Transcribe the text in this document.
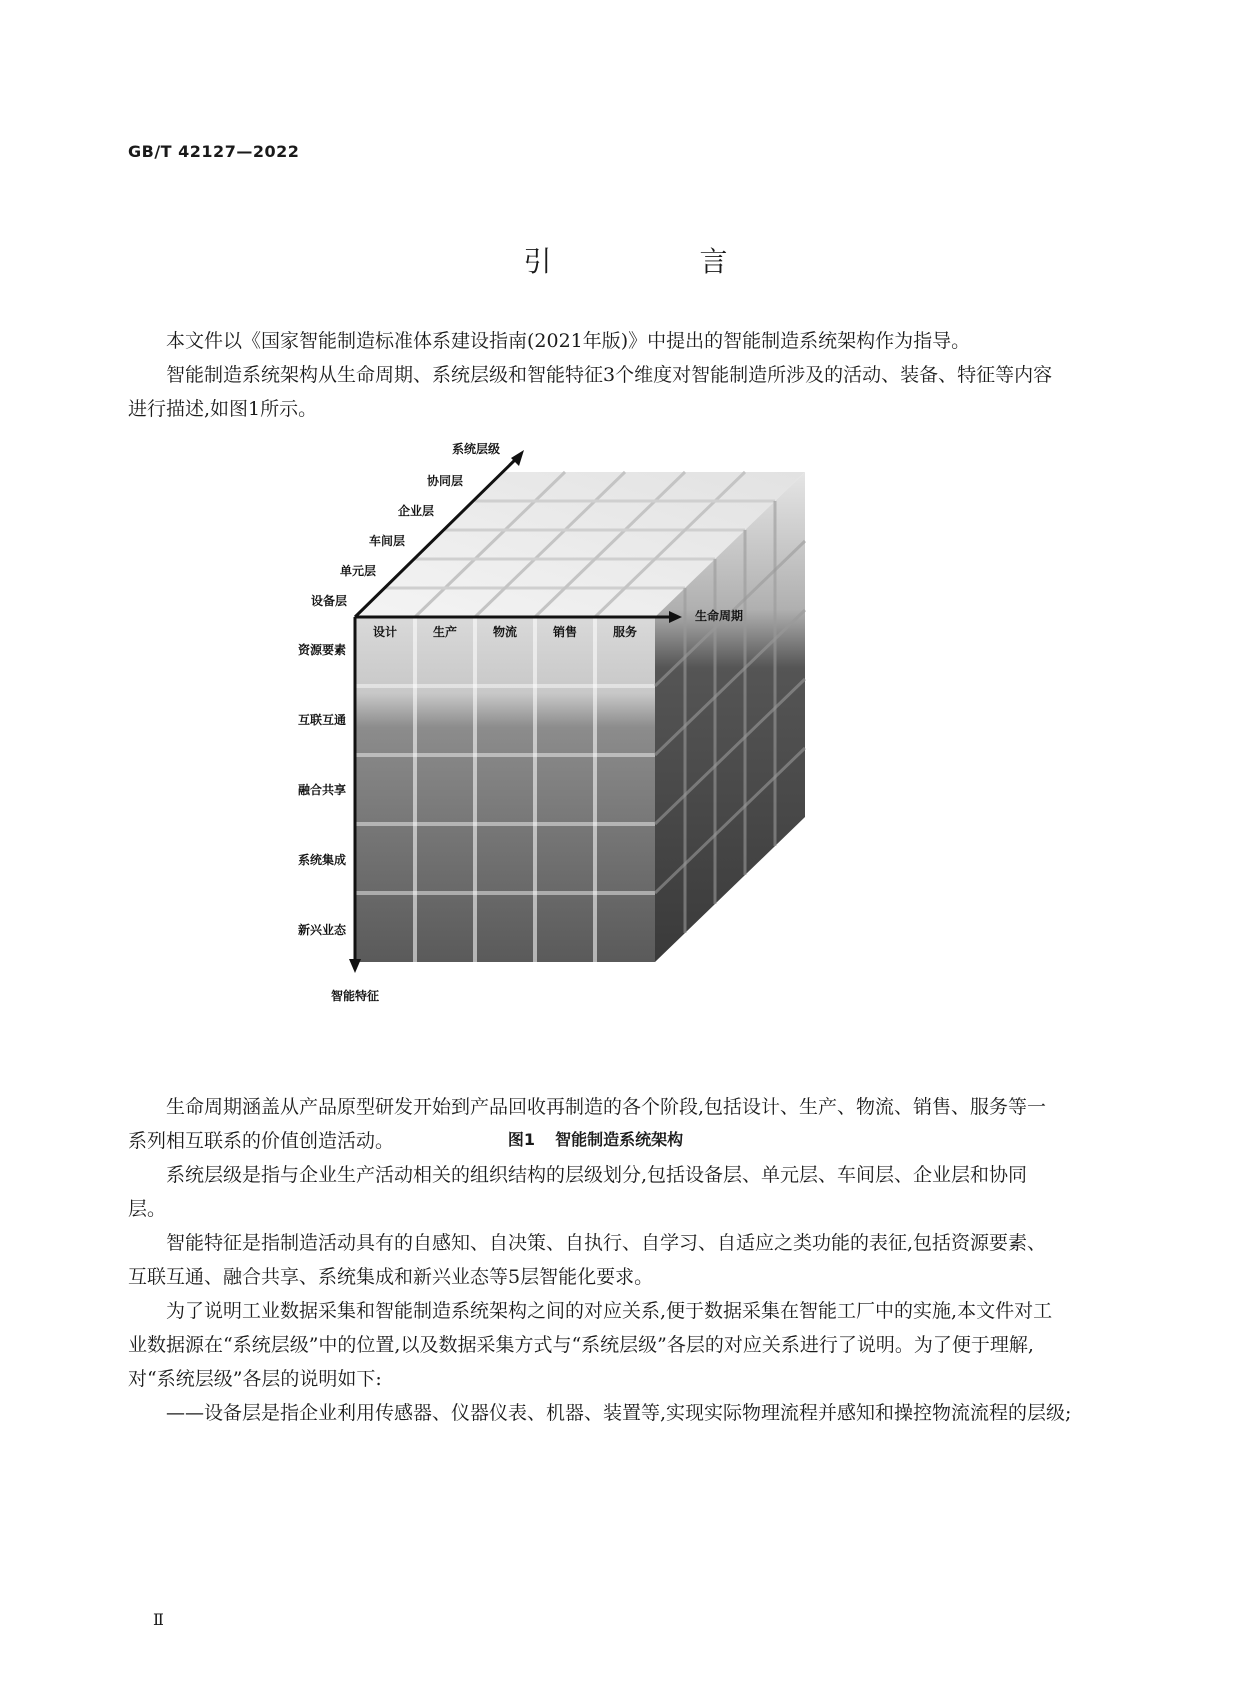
GB/T 42127—2022
引　言

本文件以《国家智能制造标准体系建设指南(2021年版)》中提出的智能制造系统架构作为指导。

智能制造系统架构从生命周期、系统层级和智能特征3个维度对智能制造所涉及的活动、装备、特征等内容进行描述,如图1所示。

系统层级
设备层
单元层
车间层
企业层
协同层
设计	生产	物流	销售	服务
生命周期
资源要素
互联互通
融合共享
系统集成
新兴业态
智能特征
图1 智能制造系统架构

生命周期涵盖从产品原型研发开始到产品回收再制造的各个阶段,包括设计、生产、物流、销售、服务等一系列相互联系的价值创造活动。

系统层级是指与企业生产活动相关的组织结构的层级划分,包括设备层、单元层、车间层、企业层和协同层。

智能特征是指制造活动具有的自感知、自决策、自执行、自学习、自适应之类功能的表征,包括资源要素、互联互通、融合共享、系统集成和新兴业态等5层智能化要求。

为了说明工业数据采集和智能制造系统架构之间的对应关系,便于数据采集在智能工厂中的实施,本文件对工业数据源在“系统层级”中的位置,以及数据采集方式与“系统层级”各层的对应关系进行了说明。为了便于理解,对“系统层级”各层的说明如下:

——设备层是指企业利用传感器、仪器仪表、机器、装置等,实现实际物理流程并感知和操控物流流程的层级;

Ⅱ
